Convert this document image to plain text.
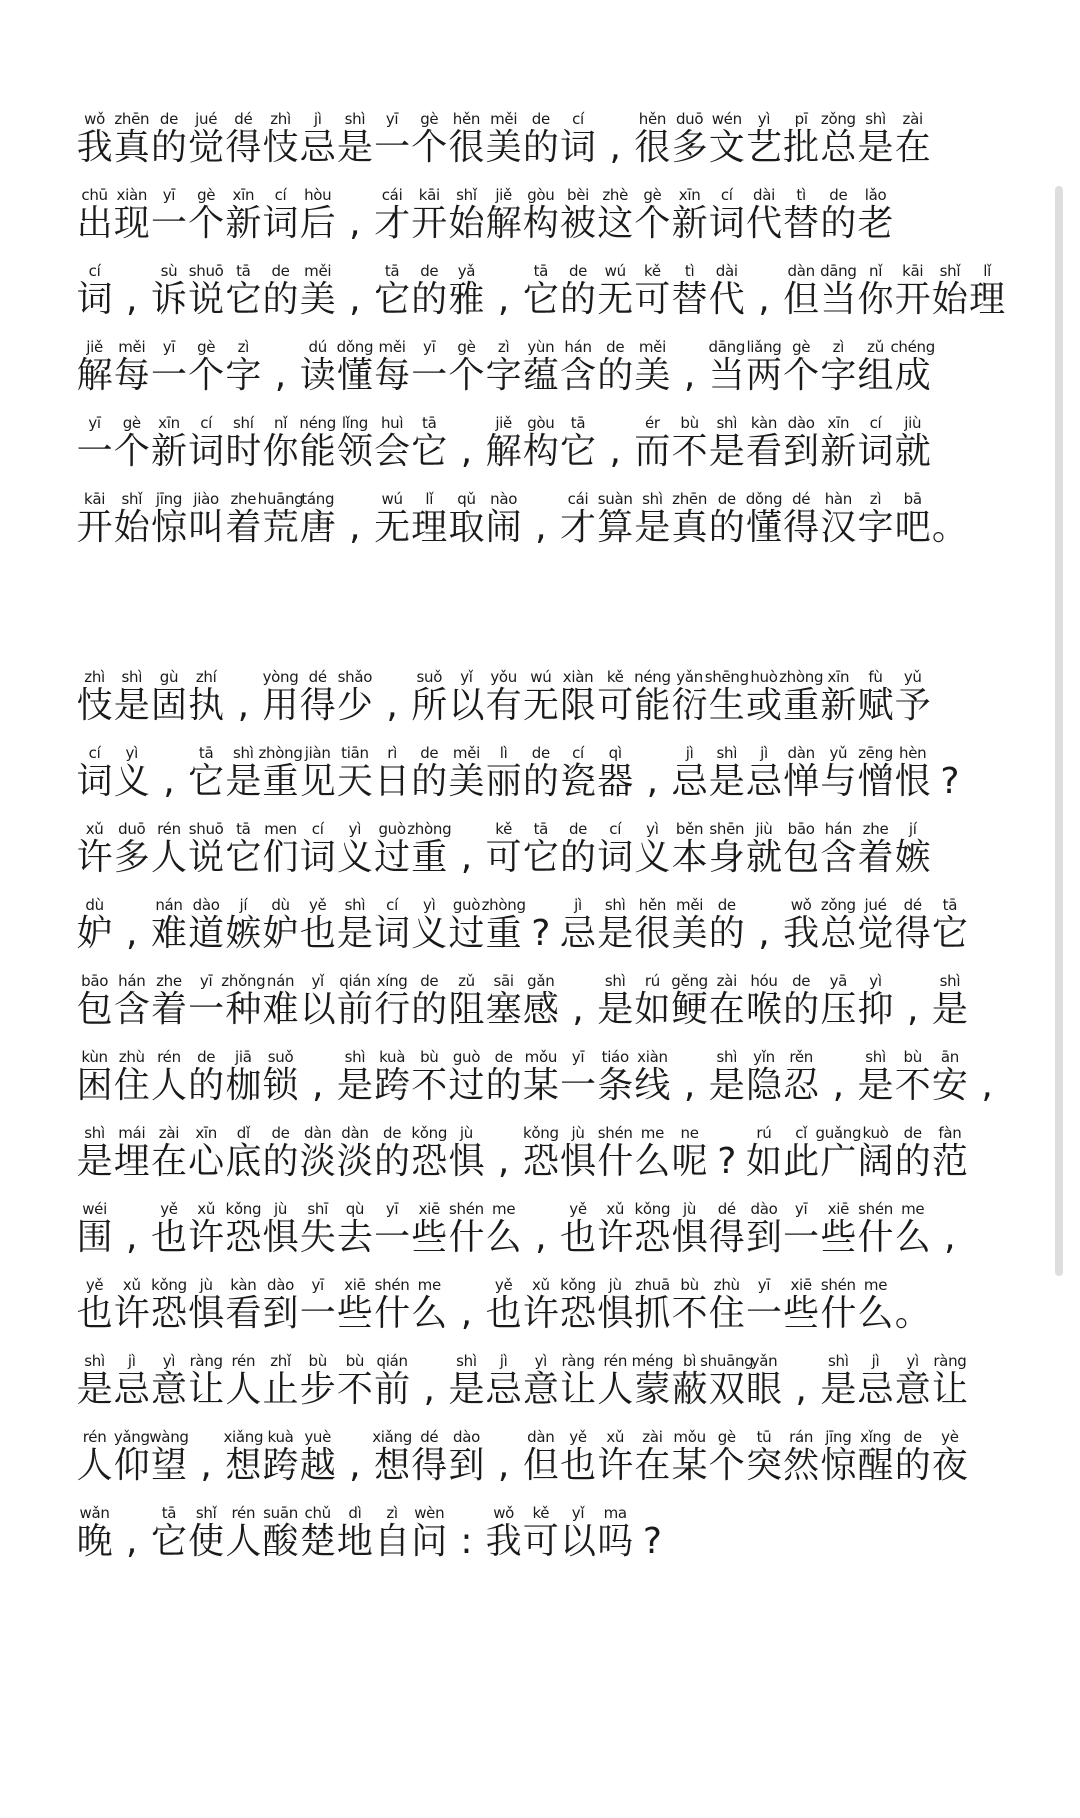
wǒ
我
zhēn
真
de
的
jué
觉
dé
得
zhì
忮
jì
忌
shì
是
yī
一
gè
个
hěn
很
měi
美
de
的
cí
词 ,
hěn
很
duō
多
wén
文
yì
艺
pī
批
zǒng
总
shì
是
zài
在
chū
出
xiàn
现
yī
一
gè
个
xīn
新
cí
词
hòu
后 ,
cái
才
kāi
开
shǐ
始
jiě
解
gòu
构
bèi
被
zhè
这
gè
个
xīn
新
cí
词
dài
代
tì
替
de
的
lǎo
老
cí
词 ,
sù
诉
shuō
说
tā
它
de
的
měi
美 ,
tā
它
de
的
yǎ
雅 ,
tā
它
de
的
wú
无
kě
可
tì
替
dài
代 ,
dàn
但
dāng
当
nǐ
你
kāi
开
shǐ
始
lǐ
理
jiě
解
měi
每
yī
一
gè
个
zì
字 ,
dú
读
dǒng
懂
měi
每
yī
一
gè
个
zì
字
yùn
蕴
hán
含
de
的
měi
美 ,
dāng
当
liǎng
两
gè
个
zì
字
zǔ
组
chéng
成
yī
一
gè
个
xīn
新
cí
词
shí
时
nǐ
你
néng
能
lǐng
领
huì
会
tā
它 ,
jiě
解
gòu
构
tā
它 ,
ér
而
bù
不
shì
是
kàn
看
dào
到
xīn
新
cí
词
jiù
就
kāi
开
shǐ
始
jīng
惊
jiào
叫
zhe
着
huāng
荒
táng
唐 ,
wú
无
lǐ
理
qǔ
取
nào
闹 ,
cái
才
suàn
算
shì
是
zhēn
真
de
的
dǒng
懂
dé
得
hàn
汉
zì
字
bā
吧 。
zhì
忮
shì
是
gù
固
zhí
执 ,
yòng
用
dé
得
shǎo
少 ,
suǒ
所
yǐ
以
yǒu
有
wú
无
xiàn
限
kě
可
néng
能
yǎn
衍
shēng
生
huò
或
zhòng
重
xīn
新
fù
赋
yǔ
予
cí
词
yì
义 ,
tā
它
shì
是
zhòng
重
jiàn
见
tiān
天
rì
日
de
的
měi
美
lì
丽
de
的
cí
瓷
qì
器 ,
jì
忌
shì
是
jì
忌
dàn
惮
yǔ
与
zēng
憎
hèn
恨 ?
xǔ
许
duō
多
rén
人
shuō
说
tā
它
men
们
cí
词
yì
义
guò
过
zhòng
重 ,
kě
可
tā
它
de
的
cí
词
yì
义
běn
本
shēn
身
jiù
就
bāo
包
hán
含
zhe
着
jí
嫉
dù
妒 ,
nán
难
dào
道
jí
嫉
dù
妒
yě
也
shì
是
cí
词
yì
义
guò
过
zhòng
重 ?
jì
忌
shì
是
hěn
很
měi
美
de
的 ,
wǒ
我
zǒng
总
jué
觉
dé
得
tā
它
bāo
包
hán
含
zhe
着
yī
一
zhǒng
种
nán
难
yǐ
以
qián
前
xíng
行
de
的
zǔ
阻
sāi
塞
gǎn
感 ,
shì
是
rú
如
gěng
鲠
zài
在
hóu
喉
de
的
yā
压
yì
抑 ,
shì
是
kùn
困
zhù
住
rén
人
de
的
jiā
枷
suǒ
锁 ,
shì
是
kuà
跨
bù
不
guò
过
de
的
mǒu
某
yī
一
tiáo
条
xiàn
线 ,
shì
是
yǐn
隐
rěn
忍 ,
shì
是
bù
不
ān
安 ,
shì
是
mái
埋
zài
在
xīn
心
dǐ
底
de
的
dàn
淡
dàn
淡
de
的
kǒng
恐
jù
惧 ,
kǒng
恐
jù
惧
shén
什
me
么
ne
呢 ?
rú
如
cǐ
此
guǎng
广
kuò
阔
de
的
fàn
范
wéi
围 ,
yě
也
xǔ
许
kǒng
恐
jù
惧
shī
失
qù
去
yī
一
xiē
些
shén
什
me
么 ,
yě
也
xǔ
许
kǒng
恐
jù
惧
dé
得
dào
到
yī
一
xiē
些
shén
什
me
么 ,
yě
也
xǔ
许
kǒng
恐
jù
惧
kàn
看
dào
到
yī
一
xiē
些
shén
什
me
么 ,
yě
也
xǔ
许
kǒng
恐
jù
惧
zhuā
抓
bù
不
zhù
住
yī
一
xiē
些
shén
什
me
么 。
shì
是
jì
忌
yì
意
ràng
让
rén
人
zhǐ
止
bù
步
bù
不
qián
前 ,
shì
是
jì
忌
yì
意
ràng
让
rén
人
méng
蒙
bì
蔽
shuāng
双
yǎn
眼 ,
shì
是
jì
忌
yì
意
ràng
让
rén
人
yǎng
仰
wàng
望 ,
xiǎng
想
kuà
跨
yuè
越 ,
xiǎng
想
dé
得
dào
到 ,
dàn
但
yě
也
xǔ
许
zài
在
mǒu
某
gè
个
tū
突
rán
然
jīng
惊
xǐng
醒
de
的
yè
夜
wǎn
晚 ,
tā
它
shǐ
使
rén
人
suān
酸
chǔ
楚
dì
地
zì
自
wèn
问 :
wǒ
我
kě
可
yǐ
以
ma
吗 ?
